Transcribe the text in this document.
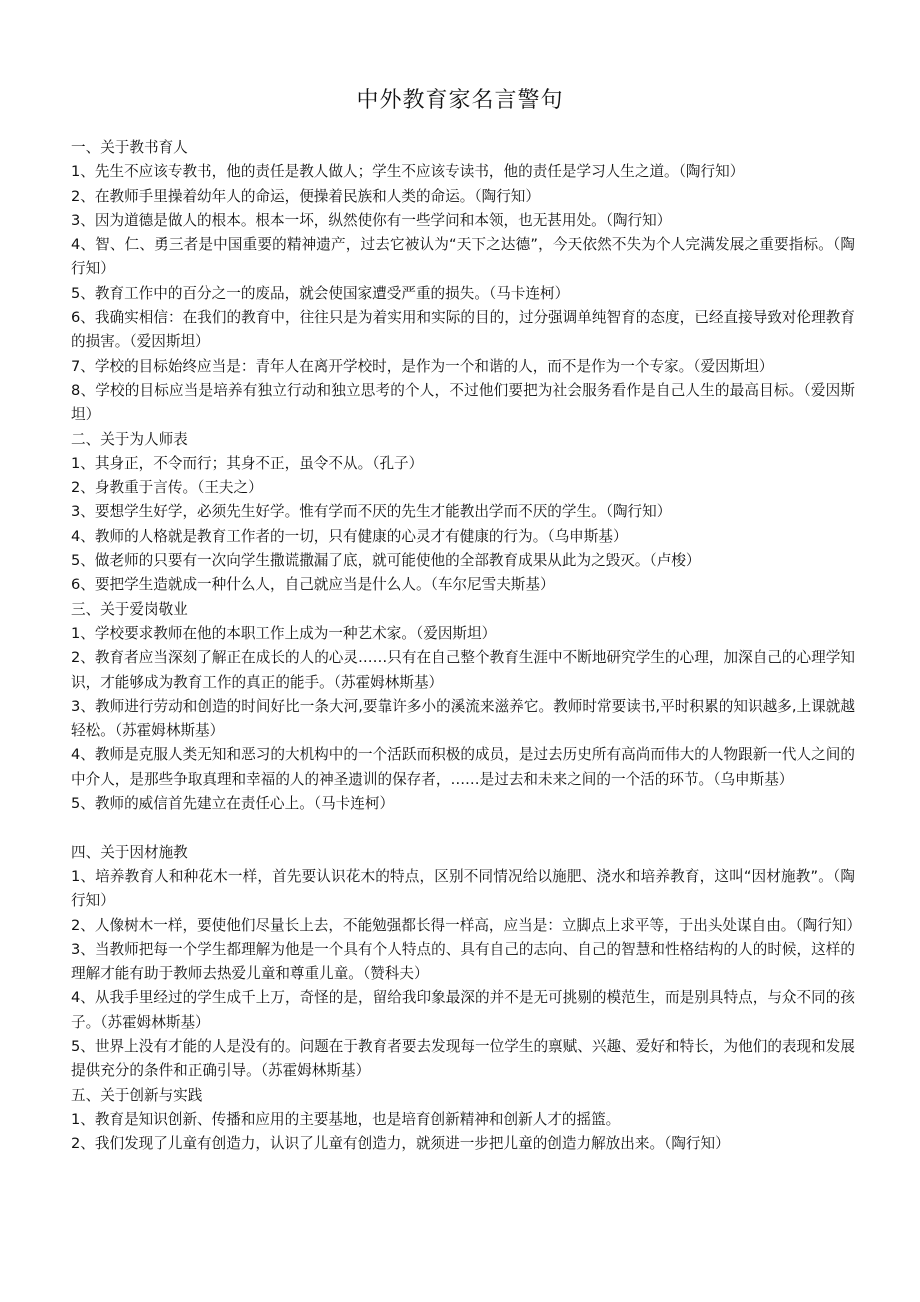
中外教育家名言警句
一、关于教书育人
1、先生不应该专教书，他的责任是教人做人；学生不应该专读书，他的责任是学习人生之道。（陶行知）
2、在教师手里操着幼年人的命运，便操着民族和人类的命运。（陶行知）
3、因为道德是做人的根本。根本一坏，纵然使你有一些学问和本领，也无甚用处。（陶行知）
4、智、仁、勇三者是中国重要的精神遗产，过去它被认为“天下之达德”，今天依然不失为个人完满发展之重要指标。（陶行知）
5、教育工作中的百分之一的废品，就会使国家遭受严重的损失。（马卡连柯）
6、我确实相信：在我们的教育中，往往只是为着实用和实际的目的，过分强调单纯智育的态度，已经直接导致对伦理教育的损害。（爱因斯坦）
7、学校的目标始终应当是：青年人在离开学校时，是作为一个和谐的人，而不是作为一个专家。（爱因斯坦）
8、学校的目标应当是培养有独立行动和独立思考的个人，不过他们要把为社会服务看作是自己人生的最高目标。（爱因斯坦）
二、关于为人师表
1、其身正，不令而行；其身不正，虽令不从。（孔子）
2、身教重于言传。（王夫之）
3、要想学生好学，必须先生好学。惟有学而不厌的先生才能教出学而不厌的学生。（陶行知）
4、教师的人格就是教育工作者的一切，只有健康的心灵才有健康的行为。（乌申斯基）
5、做老师的只要有一次向学生撒谎撒漏了底，就可能使他的全部教育成果从此为之毁灭。（卢梭）
6、要把学生造就成一种什么人，自己就应当是什么人。（车尔尼雪夫斯基）
三、关于爱岗敬业
1、学校要求教师在他的本职工作上成为一种艺术家。（爱因斯坦）
2、教育者应当深刻了解正在成长的人的心灵……只有在自己整个教育生涯中不断地研究学生的心理，加深自己的心理学知识，才能够成为教育工作的真正的能手。（苏霍姆林斯基）
3、教师进行劳动和创造的时间好比一条大河,要靠许多小的溪流来滋养它。教师时常要读书,平时积累的知识越多,上课就越轻松。（苏霍姆林斯基）
4、教师是克服人类无知和恶习的大机构中的一个活跃而积极的成员，是过去历史所有高尚而伟大的人物跟新一代人之间的中介人，是那些争取真理和幸福的人的神圣遗训的保存者，……是过去和未来之间的一个活的环节。（乌申斯基）
5、教师的威信首先建立在责任心上。（马卡连柯）
四、关于因材施教
1、培养教育人和种花木一样，首先要认识花木的特点，区别不同情况给以施肥、浇水和培养教育，这叫“因材施教”。（陶行知）
2、人像树木一样，要使他们尽量长上去，不能勉强都长得一样高，应当是：立脚点上求平等，于出头处谋自由。（陶行知）
3、当教师把每一个学生都理解为他是一个具有个人特点的、具有自己的志向、自己的智慧和性格结构的人的时候，这样的理解才能有助于教师去热爱儿童和尊重儿童。（赞科夫）
4、从我手里经过的学生成千上万，奇怪的是，留给我印象最深的并不是无可挑剔的模范生，而是别具特点，与众不同的孩子。（苏霍姆林斯基）
5、世界上没有才能的人是没有的。问题在于教育者要去发现每一位学生的禀赋、兴趣、爱好和特长，为他们的表现和发展提供充分的条件和正确引导。（苏霍姆林斯基）
五、关于创新与实践
1、教育是知识创新、传播和应用的主要基地，也是培育创新精神和创新人才的摇篮。
2、我们发现了儿童有创造力，认识了儿童有创造力，就须进一步把儿童的创造力解放出来。（陶行知）
